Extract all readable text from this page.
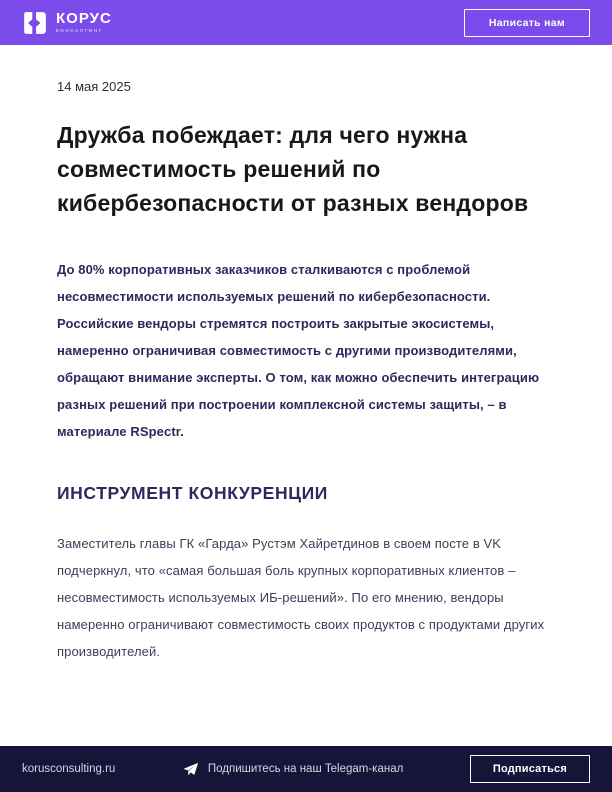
КОРУС
КОНСАЛТИНГ
Написать нам
14 мая 2025
Дружба побеждает: для чего нужна совместимость решений по кибербезопасности от разных вендоров

До 80% корпоративных заказчиков сталкиваются с проблемой несовместимости используемых решений по кибербезопасности. Российские вендоры стремятся построить закрытые экосистемы, намеренно ограничивая совместимость с другими производителями, обращают внимание эксперты. О том, как можно обеспечить интеграцию разных решений при построении комплексной системы защиты, – в материале RSpectr.

ИНСТРУМЕНТ КОНКУРЕНЦИИ

Заместитель главы ГК «Гарда» Рустэм Хайретдинов в своем посте в VK подчеркнул, что «самая большая боль крупных корпоративных клиентов – несовместимость используемых ИБ-решений». По его мнению, вендоры намеренно ограничивают совместимость своих продуктов с продуктами других производителей.

korusconsulting.ru	Подпишитесь на наш Telegam-канал	Подписаться
